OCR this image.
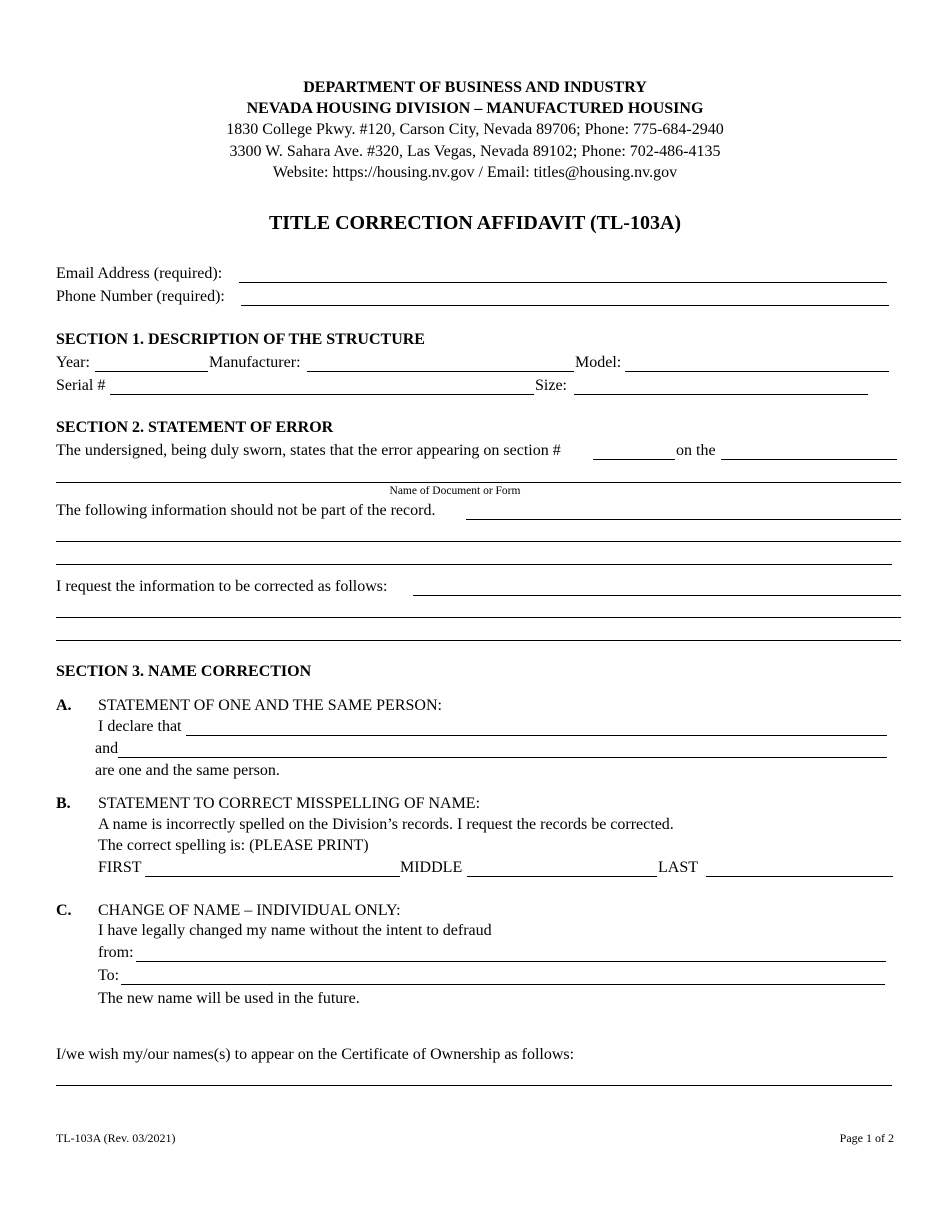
DEPARTMENT OF BUSINESS AND INDUSTRY
NEVADA HOUSING DIVISION – MANUFACTURED HOUSING
1830 College Pkwy. #120, Carson City, Nevada 89706; Phone: 775-684-2940
3300 W. Sahara Ave. #320, Las Vegas, Nevada 89102; Phone: 702-486-4135
Website: https://housing.nv.gov / Email: titles@housing.nv.gov
TITLE CORRECTION AFFIDAVIT (TL-103A)
Email Address (required):
Phone Number (required):
SECTION 1. DESCRIPTION OF THE STRUCTURE
Year:	Manufacturer:	Model:
Serial #	Size:
SECTION 2. STATEMENT OF ERROR
The undersigned, being duly sworn, states that the error appearing on section #	on the
Name of Document or Form
The following information should not be part of the record.
I request the information to be corrected as follows:
SECTION 3. NAME CORRECTION
A. STATEMENT OF ONE AND THE SAME PERSON:
I declare that
and
are one and the same person.
B. STATEMENT TO CORRECT MISSPELLING OF NAME:
A name is incorrectly spelled on the Division’s records. I request the records be corrected.
The correct spelling is: (PLEASE PRINT)
FIRST	MIDDLE	LAST
C. CHANGE OF NAME – INDIVIDUAL ONLY:
I have legally changed my name without the intent to defraud
from:
To:
The new name will be used in the future.
I/we wish my/our names(s) to appear on the Certificate of Ownership as follows:
TL-103A (Rev. 03/2021)	Page 1 of 2
